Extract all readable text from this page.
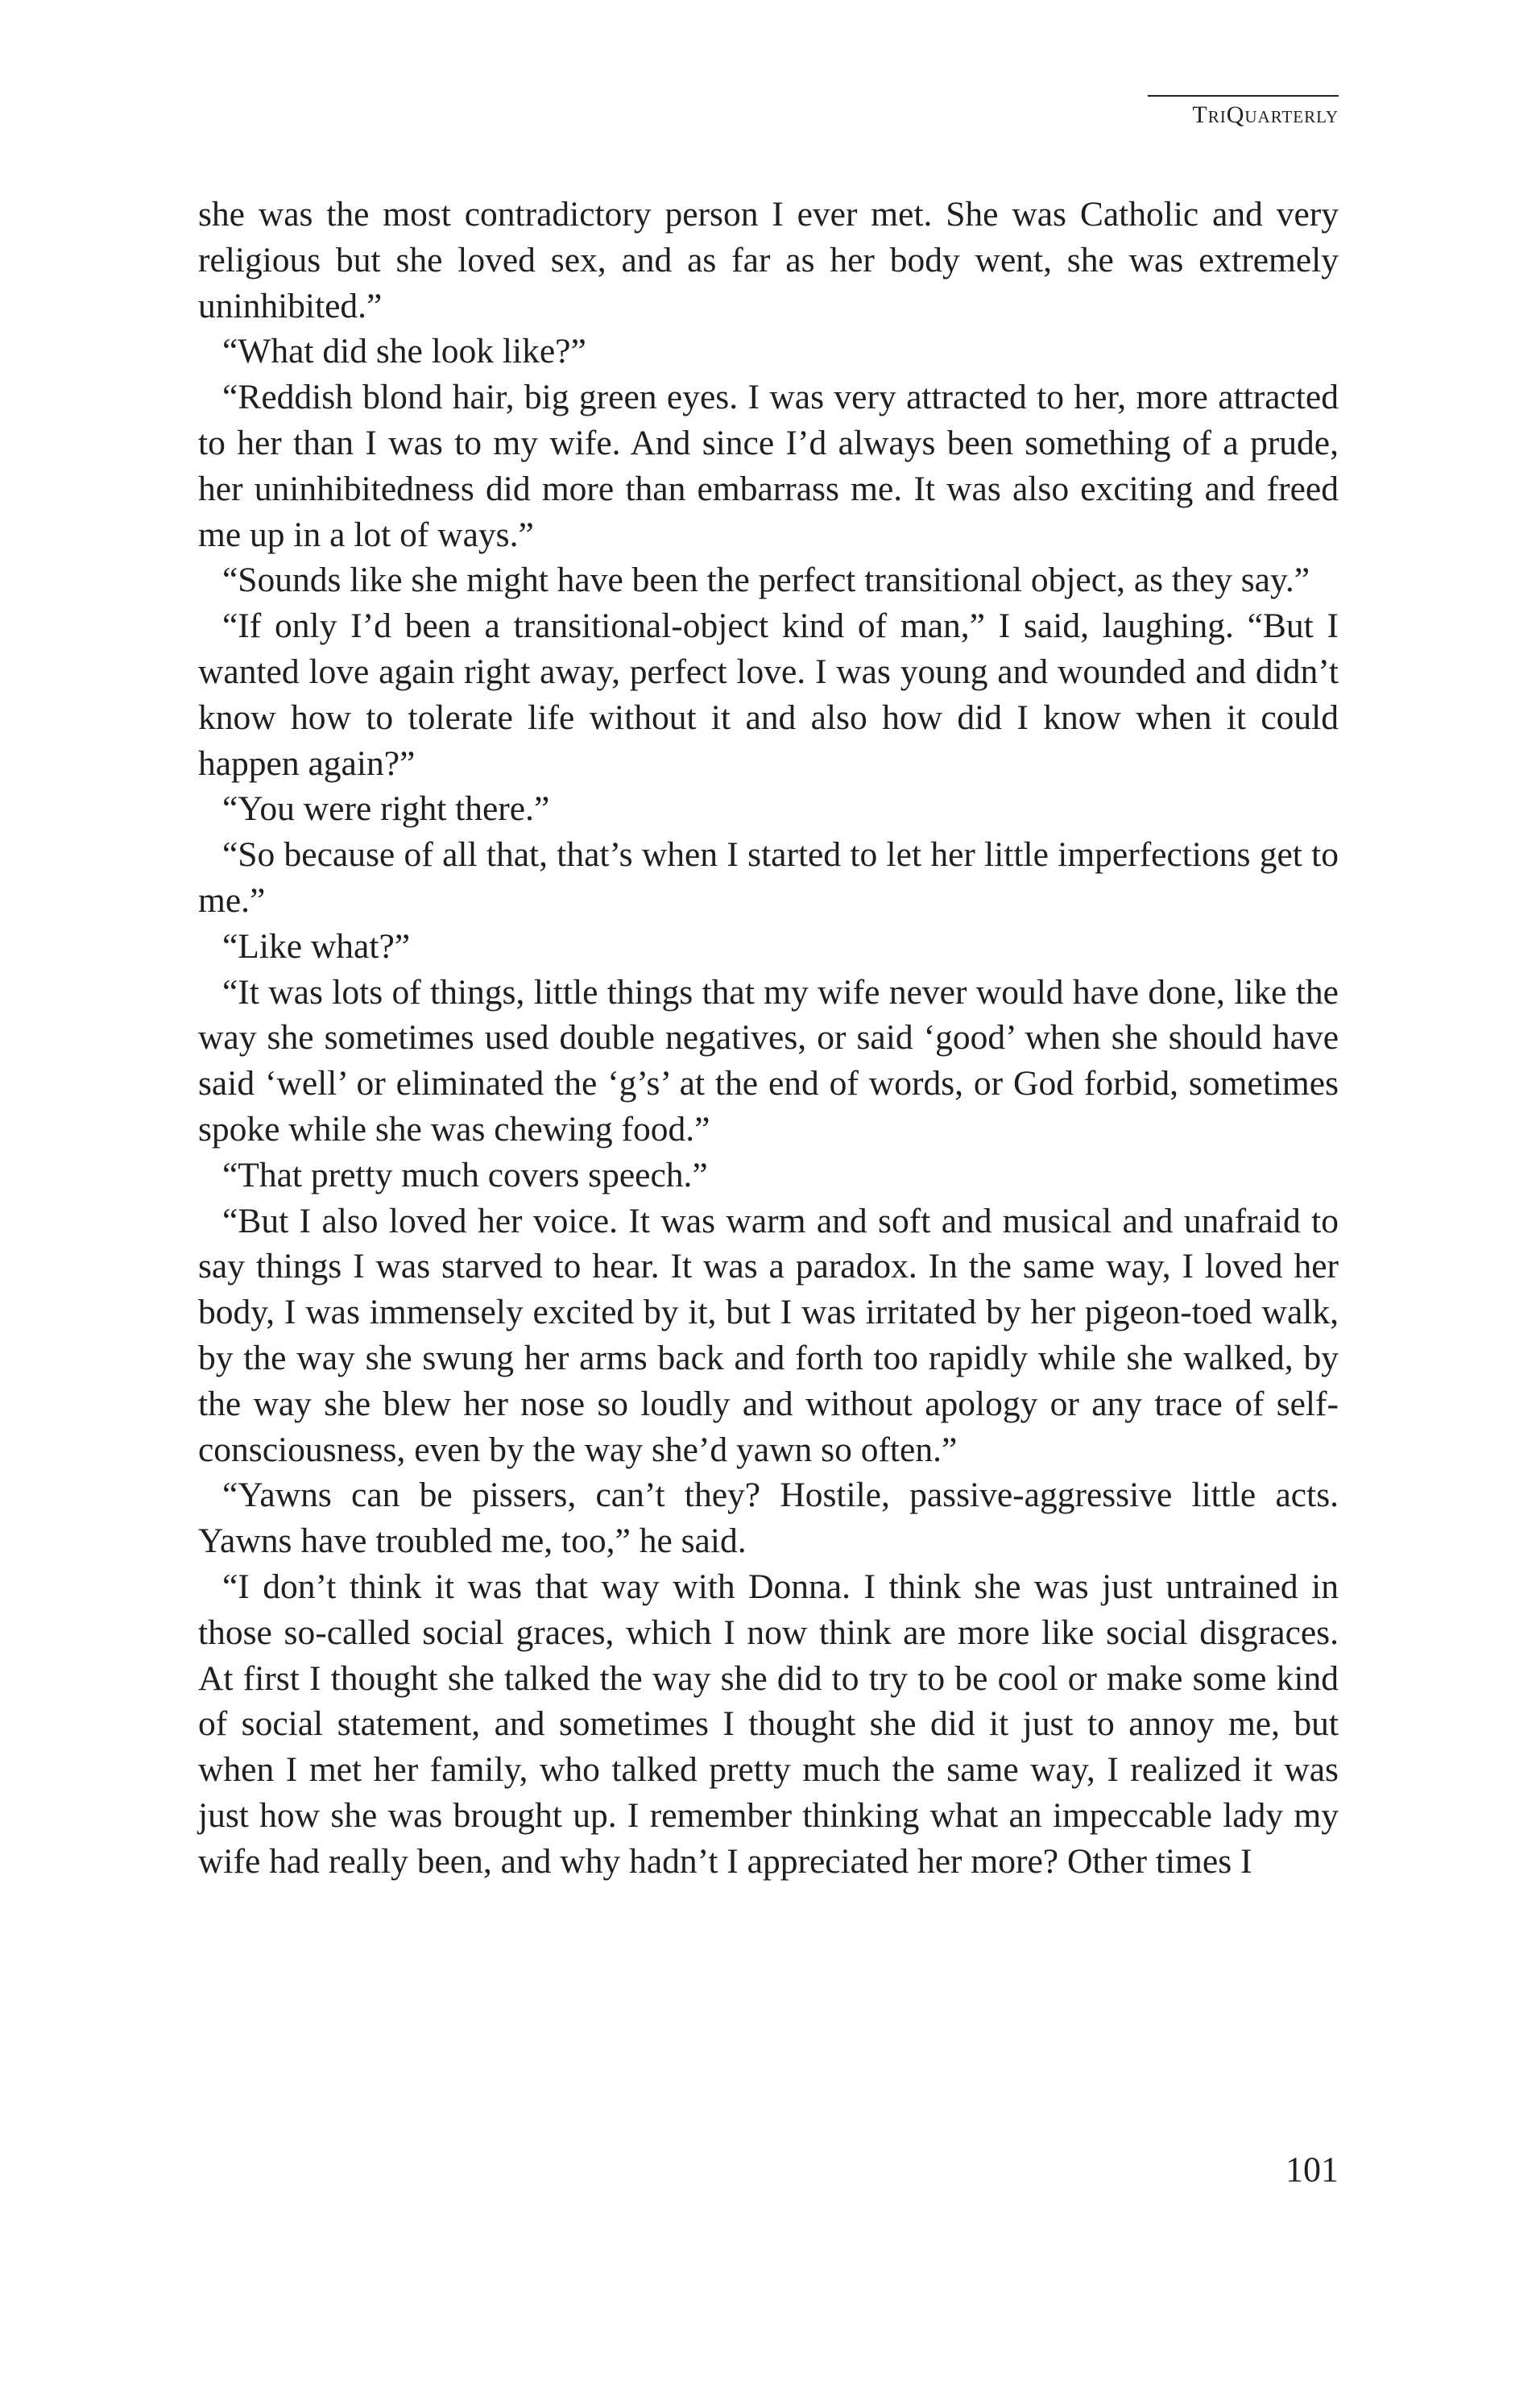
TriQuarterly

she was the most contradictory person I ever met. She was Catholic and very religious but she loved sex, and as far as her body went, she was extremely uninhibited.”

“What did she look like?”

“Reddish blond hair, big green eyes. I was very attracted to her, more attracted to her than I was to my wife. And since I’d always been something of a prude, her uninhibitedness did more than embarrass me. It was also exciting and freed me up in a lot of ways.”

“Sounds like she might have been the perfect transitional object, as they say.”

“If only I’d been a transitional-object kind of man,” I said, laughing. “But I wanted love again right away, perfect love. I was young and wounded and didn’t know how to tolerate life without it and also how did I know when it could happen again?”

“You were right there.”

“So because of all that, that’s when I started to let her little imperfections get to me.”

“Like what?”

“It was lots of things, little things that my wife never would have done, like the way she sometimes used double negatives, or said ‘good’ when she should have said ‘well’ or eliminated the ‘g’s’ at the end of words, or God forbid, sometimes spoke while she was chewing food.”

“That pretty much covers speech.”

“But I also loved her voice. It was warm and soft and musical and unafraid to say things I was starved to hear. It was a paradox. In the same way, I loved her body, I was immensely excited by it, but I was irritated by her pigeon-toed walk, by the way she swung her arms back and forth too rapidly while she walked, by the way she blew her nose so loudly and without apology or any trace of self-consciousness, even by the way she’d yawn so often.”

“Yawns can be pissers, can’t they? Hostile, passive-aggressive little acts. Yawns have troubled me, too,” he said.

“I don’t think it was that way with Donna. I think she was just untrained in those so-called social graces, which I now think are more like social disgraces. At first I thought she talked the way she did to try to be cool or make some kind of social statement, and sometimes I thought she did it just to annoy me, but when I met her family, who talked pretty much the same way, I realized it was just how she was brought up. I remember thinking what an impeccable lady my wife had really been, and why hadn’t I appreciated her more? Other times I

101
